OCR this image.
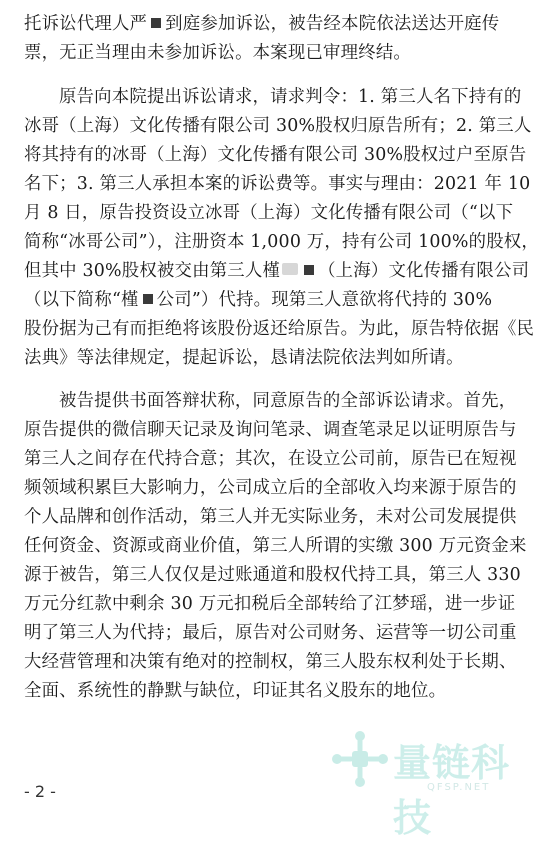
托诉讼代理人严 到庭参加诉讼，被告经本院依法送达开庭传
票，无正当理由未参加诉讼。本案现已审理终结。
原告向本院提出诉讼请求，请求判令：1. 第三人名下持有的
冰哥（上海）文化传播有限公司 30%股权归原告所有；2. 第三人
将其持有的冰哥（上海）文化传播有限公司 30%股权过户至原告
名下；3. 第三人承担本案的诉讼费等。事实与理由：2021 年 10
月 8 日，原告投资设立冰哥（上海）文化传播有限公司（“以下
简称“冰哥公司”），注册资本 1,000 万，持有公司 100%的股权，
但其中 30%股权被交由第三人槿 （上海）文化传播有限公司
（以下简称“槿 公司”）代持。现第三人意欲将代持的 30%
股份据为己有而拒绝将该股份返还给原告。为此，原告特依据《民
法典》等法律规定，提起诉讼，恳请法院依法判如所请。
被告提供书面答辩状称，同意原告的全部诉讼请求。首先，
原告提供的微信聊天记录及询问笔录、调查笔录足以证明原告与
第三人之间存在代持合意；其次，在设立公司前，原告已在短视
频领域积累巨大影响力，公司成立后的全部收入均来源于原告的
个人品牌和创作活动，第三人并无实际业务，未对公司发展提供
任何资金、资源或商业价值，第三人所谓的实缴 300 万元资金来
源于被告，第三人仅仅是过账通道和股权代持工具，第三人 330
万元分红款中剩余 30 万元扣税后全部转给了江梦瑶，进一步证
明了第三人为代持；最后，原告对公司财务、运营等一切公司重
大经营管理和决策有绝对的控制权，第三人股东权利处于长期、
全面、系统性的静默与缺位，印证其名义股东的地位。
- 2 -
量链科技
QFSP.NET
